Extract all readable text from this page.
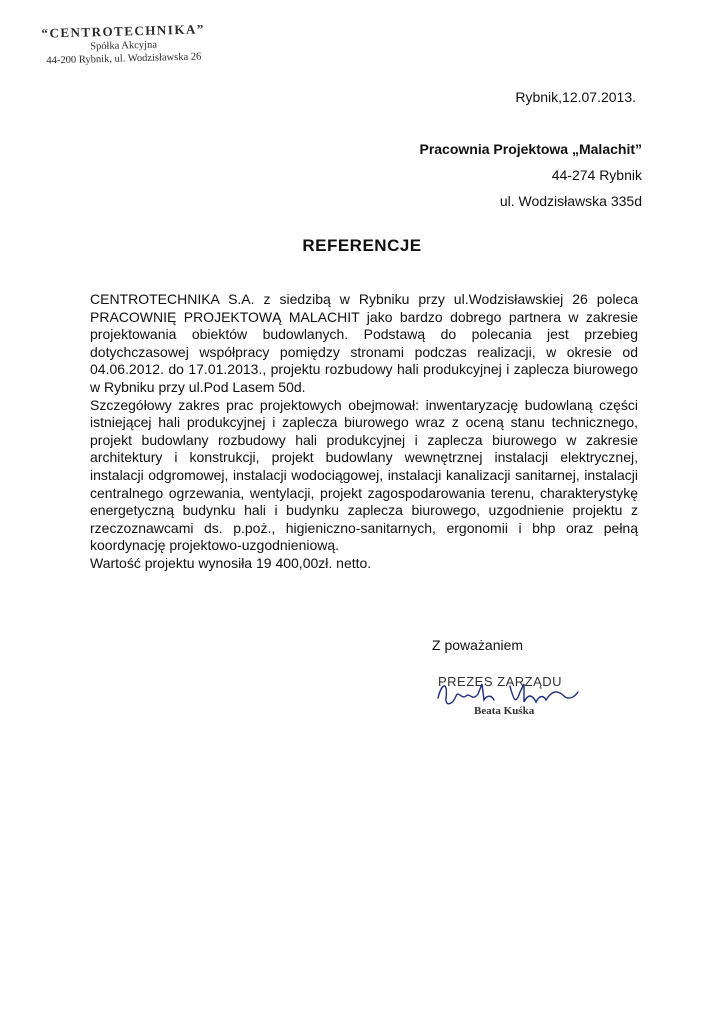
“CENTROTECHNIKA”
Spółka Akcyjna
44-200 Rybnik, ul. Wodzisławska 26
Rybnik,12.07.2013.
Pracownia Projektowa „Malachit”
44-274 Rybnik
ul. Wodzisławska 335d
REFERENCJE

CENTROTECHNIKA S.A. z siedzibą w Rybniku przy ul.Wodzisławskiej 26 poleca PRACOWNIĘ PROJEKTOWĄ MALACHIT jako bardzo dobrego partnera w zakresie projektowania obiektów budowlanych. Podstawą do polecania jest przebieg dotychczasowej współpracy pomiędzy stronami podczas realizacji, w okresie od 04.06.2012. do 17.01.2013., projektu rozbudowy hali produkcyjnej i zaplecza biurowego w Rybniku przy ul.Pod Lasem 50d.

Szczegółowy zakres prac projektowych obejmował: inwentaryzację budowlaną części istniejącej hali produkcyjnej i zaplecza biurowego wraz z oceną stanu technicznego, projekt budowlany rozbudowy hali produkcyjnej i zaplecza biurowego w zakresie architektury i konstrukcji, projekt budowlany wewnętrznej instalacji elektrycznej, instalacji odgromowej, instalacji wodociągowej, instalacji kanalizacji sanitarnej, instalacji centralnego ogrzewania, wentylacji, projekt zagospodarowania terenu, charakterystykę energetyczną budynku hali i budynku zaplecza biurowego, uzgodnienie projektu z rzeczoznawcami ds. p.poż., higieniczno-sanitarnych, ergonomii i bhp oraz pełną koordynację projektowo-uzgodnieniową.

Wartość projektu wynosiła 19 400,00zł. netto.

Z poważaniem
PREZES ZARZĄDU
Beata Kuśka
